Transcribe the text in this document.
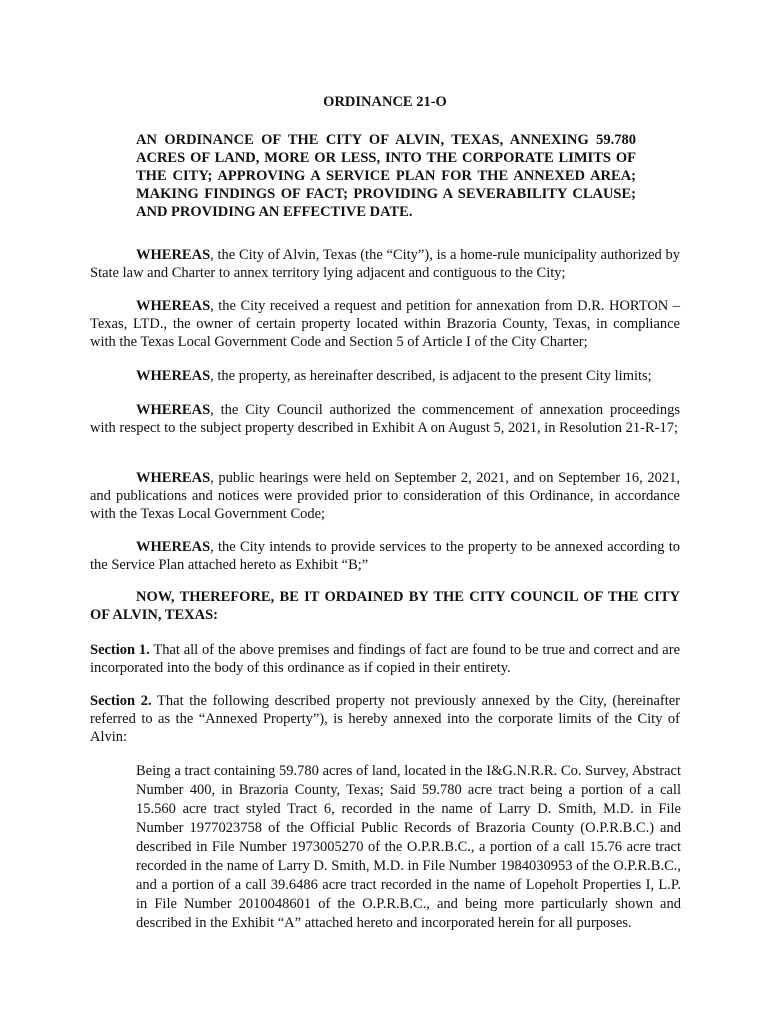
ORDINANCE 21-O
AN ORDINANCE OF THE CITY OF ALVIN, TEXAS, ANNEXING 59.780 ACRES OF LAND, MORE OR LESS, INTO THE CORPORATE LIMITS OF THE CITY; APPROVING A SERVICE PLAN FOR THE ANNEXED AREA; MAKING FINDINGS OF FACT; PROVIDING A SEVERABILITY CLAUSE; AND PROVIDING AN EFFECTIVE DATE.
WHEREAS, the City of Alvin, Texas (the “City”), is a home-rule municipality authorized by State law and Charter to annex territory lying adjacent and contiguous to the City;
WHEREAS, the City received a request and petition for annexation from D.R. HORTON – Texas, LTD., the owner of certain property located within Brazoria County, Texas, in compliance with the Texas Local Government Code and Section 5 of Article I of the City Charter;
WHEREAS, the property, as hereinafter described, is adjacent to the present City limits;
WHEREAS, the City Council authorized the commencement of annexation proceedings with respect to the subject property described in Exhibit A on August 5, 2021, in Resolution 21-R-17;
WHEREAS, public hearings were held on September 2, 2021, and on September 16, 2021, and publications and notices were provided prior to consideration of this Ordinance, in accordance with the Texas Local Government Code;
WHEREAS, the City intends to provide services to the property to be annexed according to the Service Plan attached hereto as Exhibit “B;”
NOW, THEREFORE, BE IT ORDAINED BY THE CITY COUNCIL OF THE CITY OF ALVIN, TEXAS:
Section 1. That all of the above premises and findings of fact are found to be true and correct and are incorporated into the body of this ordinance as if copied in their entirety.
Section 2. That the following described property not previously annexed by the City, (hereinafter referred to as the “Annexed Property”), is hereby annexed into the corporate limits of the City of Alvin:
Being a tract containing 59.780 acres of land, located in the I&G.N.R.R. Co. Survey, Abstract Number 400, in Brazoria County, Texas; Said 59.780 acre tract being a portion of a call 15.560 acre tract styled Tract 6, recorded in the name of Larry D. Smith, M.D. in File Number 1977023758 of the Official Public Records of Brazoria County (O.P.R.B.C.) and described in File Number 1973005270 of the O.P.R.B.C., a portion of a call 15.76 acre tract recorded in the name of Larry D. Smith, M.D. in File Number 1984030953 of the O.P.R.B.C., and a portion of a call 39.6486 acre tract recorded in the name of Lopeholt Properties I, L.P. in File Number 2010048601 of the O.P.R.B.C., and being more particularly shown and described in the Exhibit “A” attached hereto and incorporated herein for all purposes.
